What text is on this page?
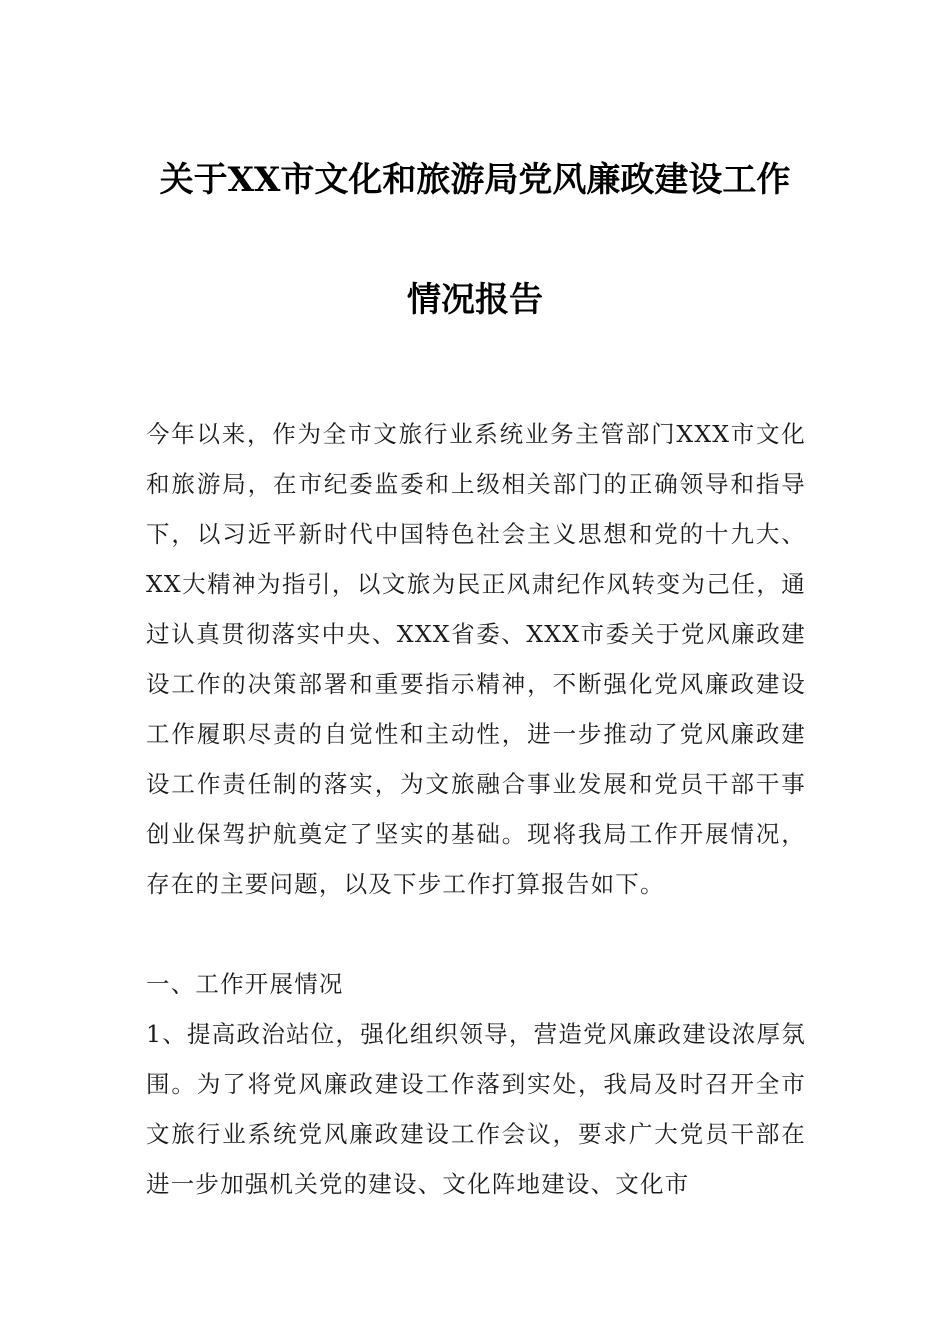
关于XX市文化和旅游局党风廉政建设工作
情况报告
今年以来，作为全市文旅行业系统业务主管部门XXX市文化和旅游局，在市纪委监委和上级相关部门的正确领导和指导下，以习近平新时代中国特色社会主义思想和党的十九大、XX大精神为指引，以文旅为民正风肃纪作风转变为己任，通过认真贯彻落实中央、XXX省委、XXX市委关于党风廉政建设工作的决策部署和重要指示精神，不断强化党风廉政建设工作履职尽责的自觉性和主动性，进一步推动了党风廉政建设工作责任制的落实，为文旅融合事业发展和党员干部干事创业保驾护航奠定了坚实的基础。现将我局工作开展情况，存在的主要问题，以及下步工作打算报告如下。
一、工作开展情况
1、提高政治站位，强化组织领导，营造党风廉政建设浓厚氛围。为了将党风廉政建设工作落到实处，我局及时召开全市文旅行业系统党风廉政建设工作会议，要求广大党员干部在进一步加强机关党的建设、文化阵地建设、文化市
